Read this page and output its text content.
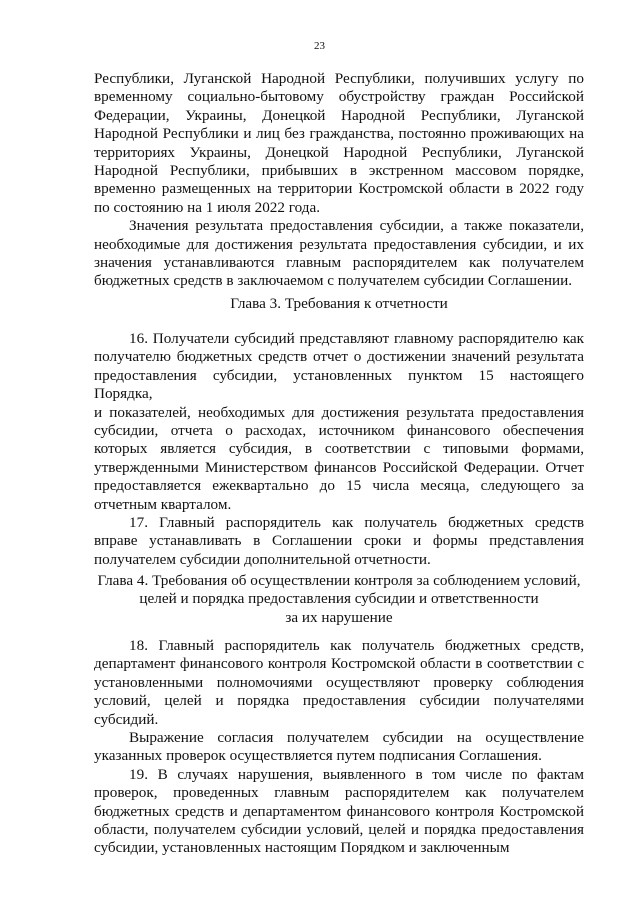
23

Республики, Луганской Народной Республики, получивших услугу по временному социально-бытовому обустройству граждан Российской Федерации, Украины, Донецкой Народной Республики, Луганской Народной Республики и лиц без гражданства, постоянно проживающих на территориях Украины, Донецкой Народной Республики, Луганской Народной Республики, прибывших в экстренном массовом порядке, временно размещенных на территории Костромской области в 2022 году по состоянию на 1 июля 2022 года.

Значения результата предоставления субсидии, а также показатели, необходимые для достижения результата предоставления субсидии, и их значения устанавливаются главным распорядителем как получателем бюджетных средств в заключаемом с получателем субсидии Соглашении.

Глава 3. Требования к отчетности

16. Получатели субсидий представляют главному распорядителю как получателю бюджетных средств отчет о достижении значений результата предоставления субсидии, установленных пунктом 15 настоящего Порядка,

и показателей, необходимых для достижения результата предоставления субсидии, отчета о расходах, источником финансового обеспечения которых является субсидия, в соответствии с типовыми формами, утвержденными Министерством финансов Российской Федерации. Отчет предоставляется ежеквартально до 15 числа месяца, следующего за отчетным кварталом.

17. Главный распорядитель как получатель бюджетных средств вправе устанавливать в Соглашении сроки и формы представления получателем субсидии дополнительной отчетности.

Глава 4. Требования об осуществлении контроля за соблюдением условий,

целей и порядка предоставления субсидии и ответственности

за их нарушение

18. Главный распорядитель как получатель бюджетных средств, департамент финансового контроля Костромской области в соответствии с установленными полномочиями осуществляют проверку соблюдения условий, целей и порядка предоставления субсидии получателями субсидий.

Выражение согласия получателем субсидии на осуществление указанных проверок осуществляется путем подписания Соглашения.

19. В случаях нарушения, выявленного в том числе по фактам проверок, проведенных главным распорядителем как получателем бюджетных средств и департаментом финансового контроля Костромской области, получателем субсидии условий, целей и порядка предоставления субсидии, установленных настоящим Порядком и заключенным
